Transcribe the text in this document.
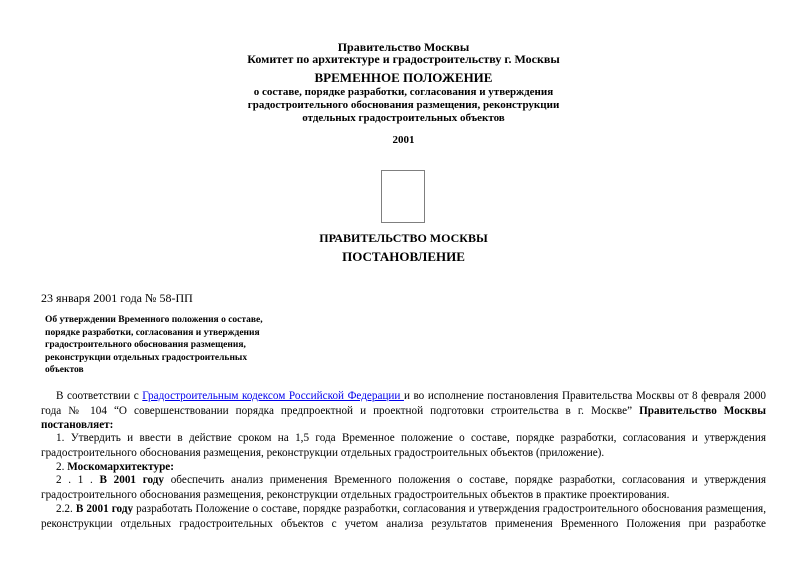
Правительство Москвы
Комитет по архитектуре и градостроительству г. Москвы
ВРЕМЕННОЕ ПОЛОЖЕНИЕ
о составе, порядке разработки, согласования и утверждения
градостроительного обоснования размещения, реконструкции
отдельных градостроительных объектов
2001
ПРАВИТЕЛЬСТВО МОСКВЫ
ПОСТАНОВЛЕНИЕ
23 января 2001 года № 58-ПП
Об утверждении Временного положения о составе,
порядке разработки, согласования и утверждения
градостроительного обоснования размещения,
реконструкции отдельных градостроительных
объектов
В соответствии с Градостроительным кодексом Российской Федерации и во исполнение постановления Правительства Москвы от 8 февраля 2000
года № 104 “О совершенствовании порядка предпроектной и проектной подготовки строительства в г. Москве” Правительство Москвы
постановляет:
1. Утвердить и ввести в действие сроком на 1,5 года Временное положение о составе, порядке разработки, согласования и утверждения
градостроительного обоснования размещения, реконструкции отдельных градостроительных объектов (приложение).
2. Москомархитектуре:
2 . 1 . В 2001 году обеспечить анализ применения Временного положения о составе, порядке разработки, согласования и утверждения
градостроительного обоснования размещения, реконструкции отдельных градостроительных объектов в практике проектирования.
2.2. В 2001 году разработать Положение о составе, порядке разработки, согласования и утверждения градостроительного обоснования размещения,
реконструкции отдельных градостроительных объектов с учетом анализа результатов применения Временного Положения при разработке
